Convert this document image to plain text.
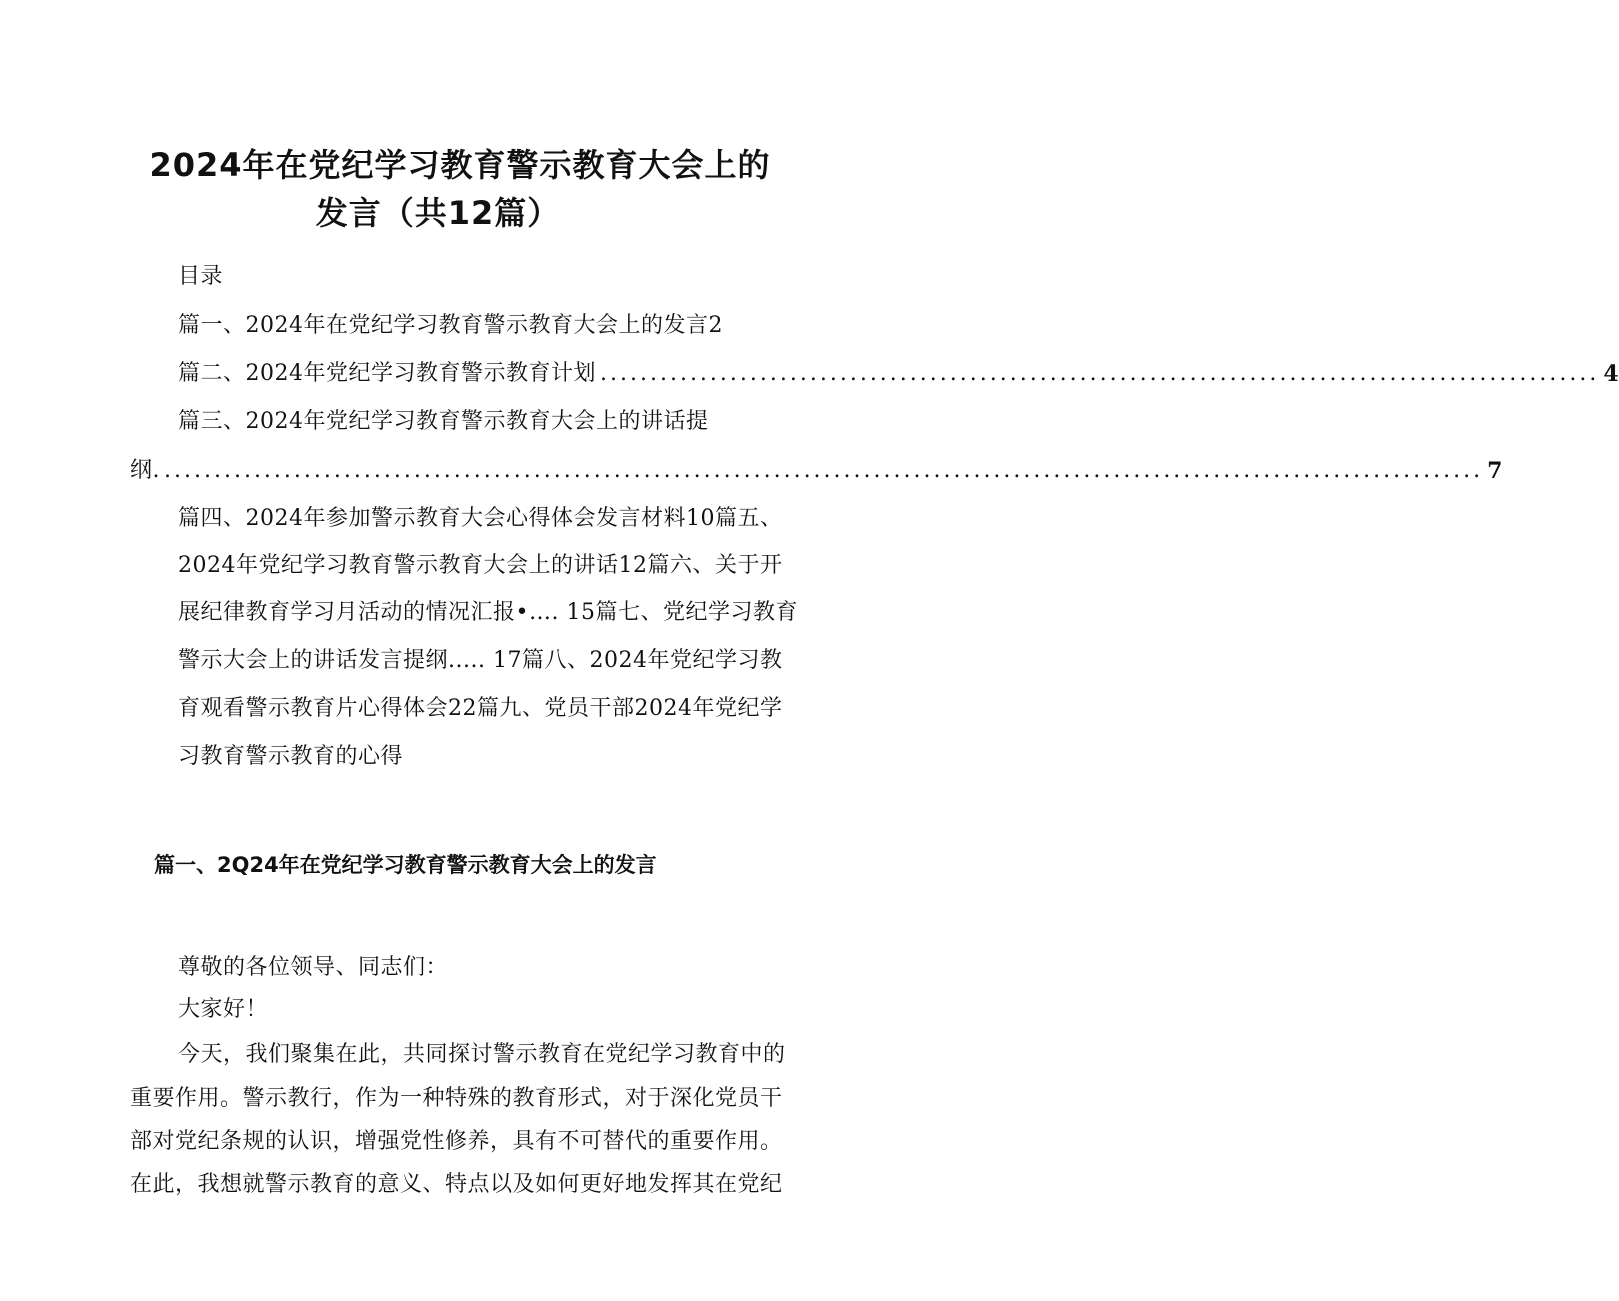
2024年在党纪学习教育警示教育大会上的
发言（共12篇）
目录
篇一、2024年在党纪学习教育警示教育大会上的发言2
篇二、2024年党纪学习教育警示教育计划 .................................................................................................... 4
篇三、2024年党纪学习教育警示教育大会上的讲话提
纲. .................................................................................................................................... 7
篇四、2024年参加警示教育大会心得体会发言材料10篇五、
2024年党纪学习教育警示教育大会上的讲话12篇六、关于开
展纪律教育学习月活动的情况汇报•…. 15篇七、党纪学习教育
警示大会上的讲话发言提纲..... 17篇八、2024年党纪学习教
育观看警示教育片心得体会22篇九、党员干部2024年党纪学
习教育警示教育的心得
篇一、2Q24年在党纪学习教育警示教育大会上的发言
尊敬的各位领导、同志们：
大家好！
今天，我们聚集在此，共同探讨警示教育在党纪学习教育中的
重要作用。警示教行，作为一种特殊的教育形式，对于深化党员干
部对党纪条规的认识，增强党性修养，具有不可替代的重要作用。
在此，我想就警示教育的意义、特点以及如何更好地发挥其在党纪
